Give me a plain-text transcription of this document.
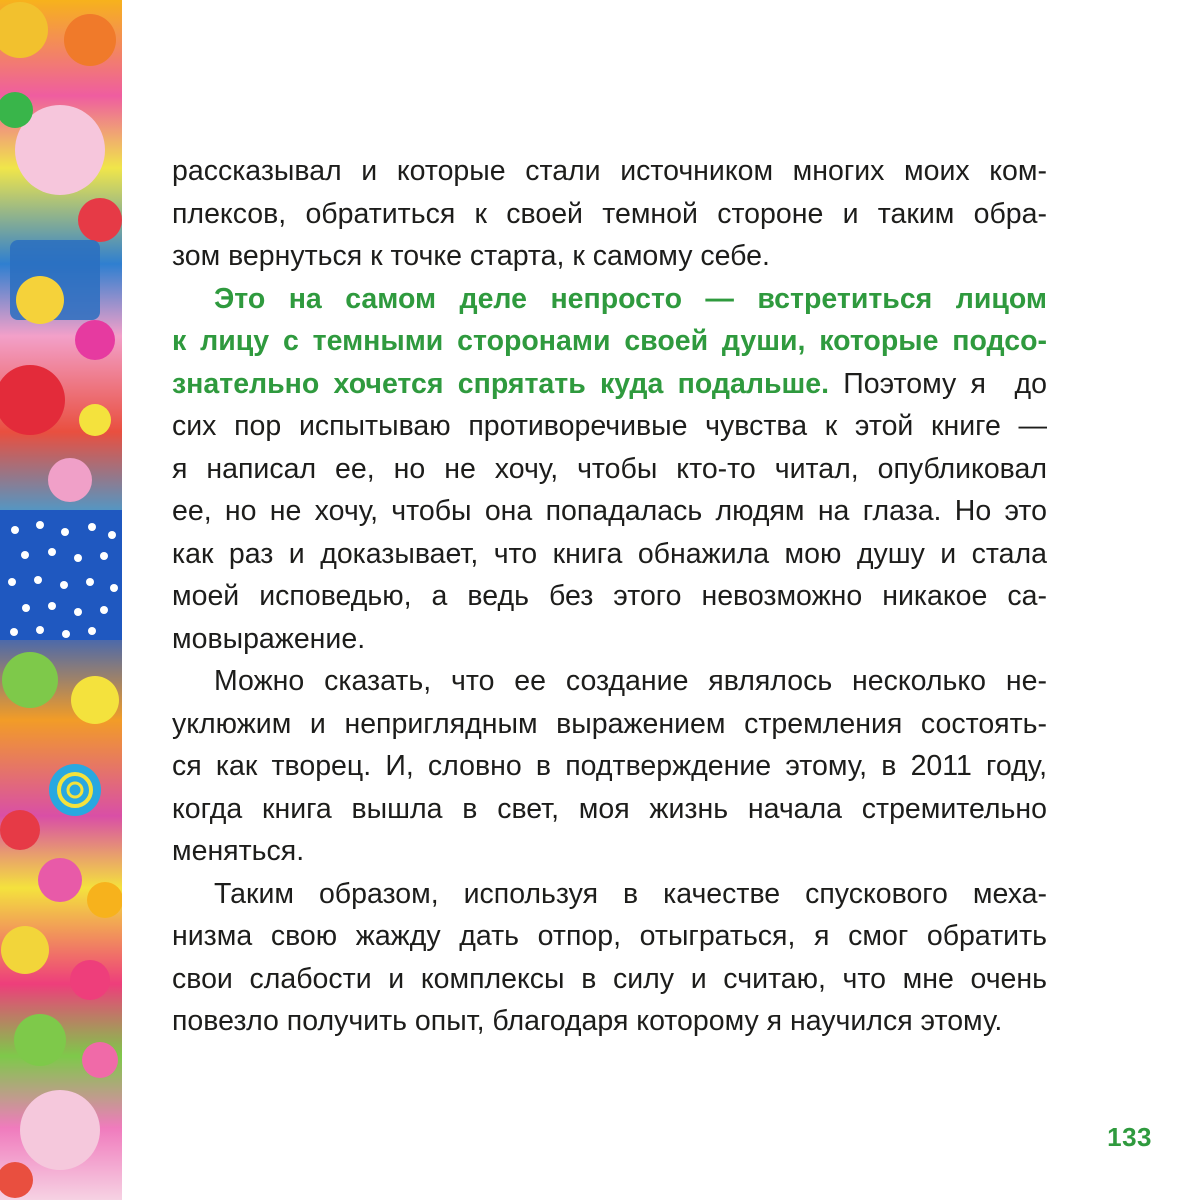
рассказывал и которые стали источником многих моих ком-
плексов, обратиться к своей темной стороне и таким обра-
зом вернуться к точке старта, к самому себе.

Это на самом деле непросто — встретиться лицом
к лицу с темными сторонами своей души, которые подсо-
знательно хочется спрятать куда подальше. Поэтому я  до
сих пор испытываю противоречивые чувства к этой книге —
я написал ее, но не хочу, чтобы кто-то читал, опубликовал
ее, но не хочу, чтобы она попадалась людям на глаза. Но это
как раз и доказывает, что книга обнажила мою душу и стала
моей исповедью, а ведь без этого невозможно никакое са-
мовыражение.

Можно сказать, что ее создание являлось несколько не-
уклюжим и неприглядным выражением стремления состоять-
ся как творец. И, словно в подтверждение этому, в 2011 году,
когда книга вышла в свет, моя жизнь начала стремительно
меняться.

Таким образом, используя в качестве спускового меха-
низма свою жажду дать отпор, отыграться, я смог обратить
свои слабости и комплексы в силу и считаю, что мне очень
повезло получить опыт, благодаря которому я научился этому.

133
